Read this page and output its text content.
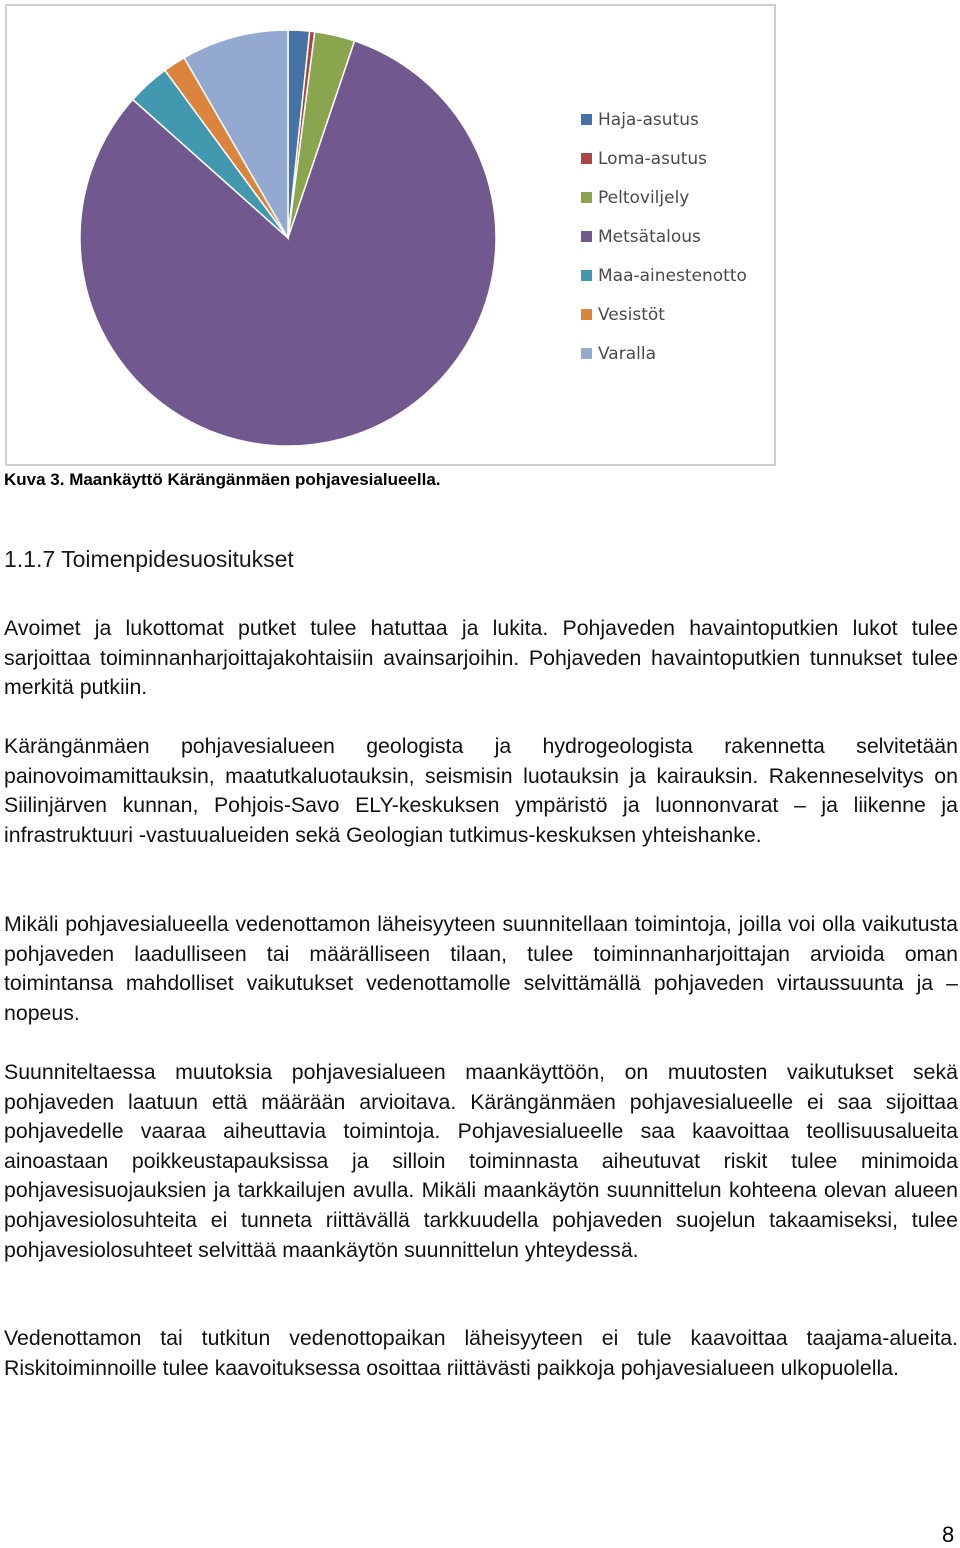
Haja-asutus
Loma-asutus
Peltoviljely
Metsätalous
Maa-ainestenotto
Vesistöt
Varalla
Kuva 3. Maankäyttö Kärängänmäen pohjavesialueella.
1.1.7 Toimenpidesuositukset

Avoimet ja lukottomat putket tulee hatuttaa ja lukita. Pohjaveden havaintoputkien lukot tulee sarjoittaa toiminnanharjoittajakohtaisiin avainsarjoihin. Pohjaveden havaintoputkien tunnukset tulee merkitä putkiin.

Kärängänmäen pohjavesialueen geologista ja hydrogeologista rakennetta selvitetään painovoimamittauksin, maatutkaluotauksin, seismisin luotauksin ja kairauksin. Rakenneselvitys on Siilinjärven kunnan, Pohjois-Savo ELY-keskuksen ympäristö ja luonnonvarat – ja liikenne ja infrastruktuuri -vastuualueiden sekä Geologian tutkimus-keskuksen yhteishanke.

Mikäli pohjavesialueella vedenottamon läheisyyteen suunnitellaan toimintoja, joilla voi olla vaikutusta pohjaveden laadulliseen tai määrälliseen tilaan, tulee toiminnanharjoittajan arvioida oman toimintansa mahdolliset vaikutukset vedenottamolle selvittämällä pohjaveden virtaussuunta ja – nopeus.

Suunniteltaessa muutoksia pohjavesialueen maankäyttöön, on muutosten vaikutukset sekä pohjaveden laatuun että määrään arvioitava. Kärängänmäen pohjavesialueelle ei saa sijoittaa pohjavedelle vaaraa aiheuttavia toimintoja. Pohjavesialueelle saa kaavoittaa teollisuusalueita ainoastaan poikkeustapauksissa ja silloin toiminnasta aiheutuvat riskit tulee minimoida pohjavesisuojauksien ja tarkkailujen avulla. Mikäli maankäytön suunnittelun kohteena olevan alueen pohjavesiolosuhteita ei tunneta riittävällä tarkkuudella pohjaveden suojelun takaamiseksi, tulee pohjavesiolosuhteet selvittää maankäytön suunnittelun yhteydessä.

Vedenottamon tai tutkitun vedenottopaikan läheisyyteen ei tule kaavoittaa taajama-alueita. Riskitoiminnoille tulee kaavoituksessa osoittaa riittävästi paikkoja pohjavesialueen ulkopuolella.

8
